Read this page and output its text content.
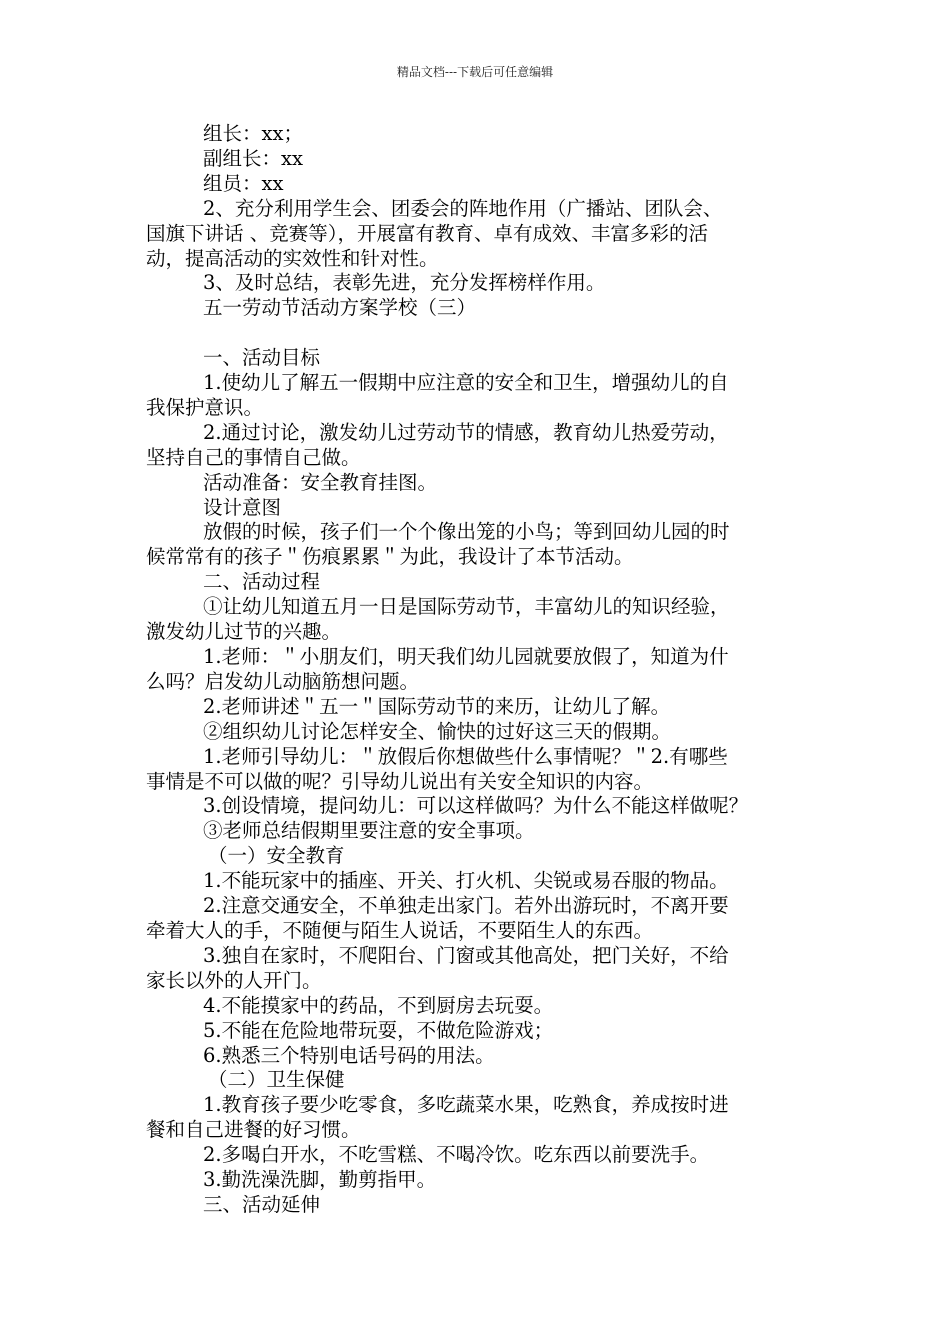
精品文档---下载后可任意编辑

组长：xx；

副组长：xx

组员：xx

2、充分利用学生会、团委会的阵地作用（广播站、团队会、

国旗下讲话 、竞赛等），开展富有教育、卓有成效、丰富多彩的活

动，提高活动的实效性和针对性。

3、及时总结，表彰先进，充分发挥榜样作用。

五一劳动节活动方案学校（三）

一、活动目标

1.使幼儿了解五一假期中应注意的安全和卫生，增强幼儿的自

我保护意识。

2.通过讨论，激发幼儿过劳动节的情感，教育幼儿热爱劳动，

坚持自己的事情自己做。

活动准备：安全教育挂图。

设计意图

放假的时候，孩子们一个个像出笼的小鸟；等到回幼儿园的时

候常常有的孩子＂伤痕累累＂为此，我设计了本节活动。

二、活动过程

①让幼儿知道五月一日是国际劳动节，丰富幼儿的知识经验，

激发幼儿过节的兴趣。

1.老师：＂小朋友们，明天我们幼儿园就要放假了，知道为什

么吗？启发幼儿动脑筋想问题。

2.老师讲述＂五一＂国际劳动节的来历，让幼儿了解。

②组织幼儿讨论怎样安全、愉快的过好这三天的假期。

1.老师引导幼儿：＂放假后你想做些什么事情呢？＂2.有哪些

事情是不可以做的呢？引导幼儿说出有关安全知识的内容。

3.创设情境，提问幼儿：可以这样做吗？为什么不能这样做呢？

③老师总结假期里要注意的安全事项。

（一）安全教育

1.不能玩家中的插座、开关、打火机、尖锐或易吞服的物品。

2.注意交通安全，不单独走出家门。若外出游玩时，不离开要

牵着大人的手，不随便与陌生人说话，不要陌生人的东西。

3.独自在家时，不爬阳台、门窗或其他高处，把门关好，不给

家长以外的人开门。

4.不能摸家中的药品，不到厨房去玩耍。

5.不能在危险地带玩耍，不做危险游戏；

6.熟悉三个特别电话号码的用法。

（二）卫生保健

1.教育孩子要少吃零食，多吃蔬菜水果，吃熟食，养成按时进

餐和自己进餐的好习惯。

2.多喝白开水，不吃雪糕、不喝冷饮。吃东西以前要洗手。

3.勤洗澡洗脚，勤剪指甲。

三、活动延伸
